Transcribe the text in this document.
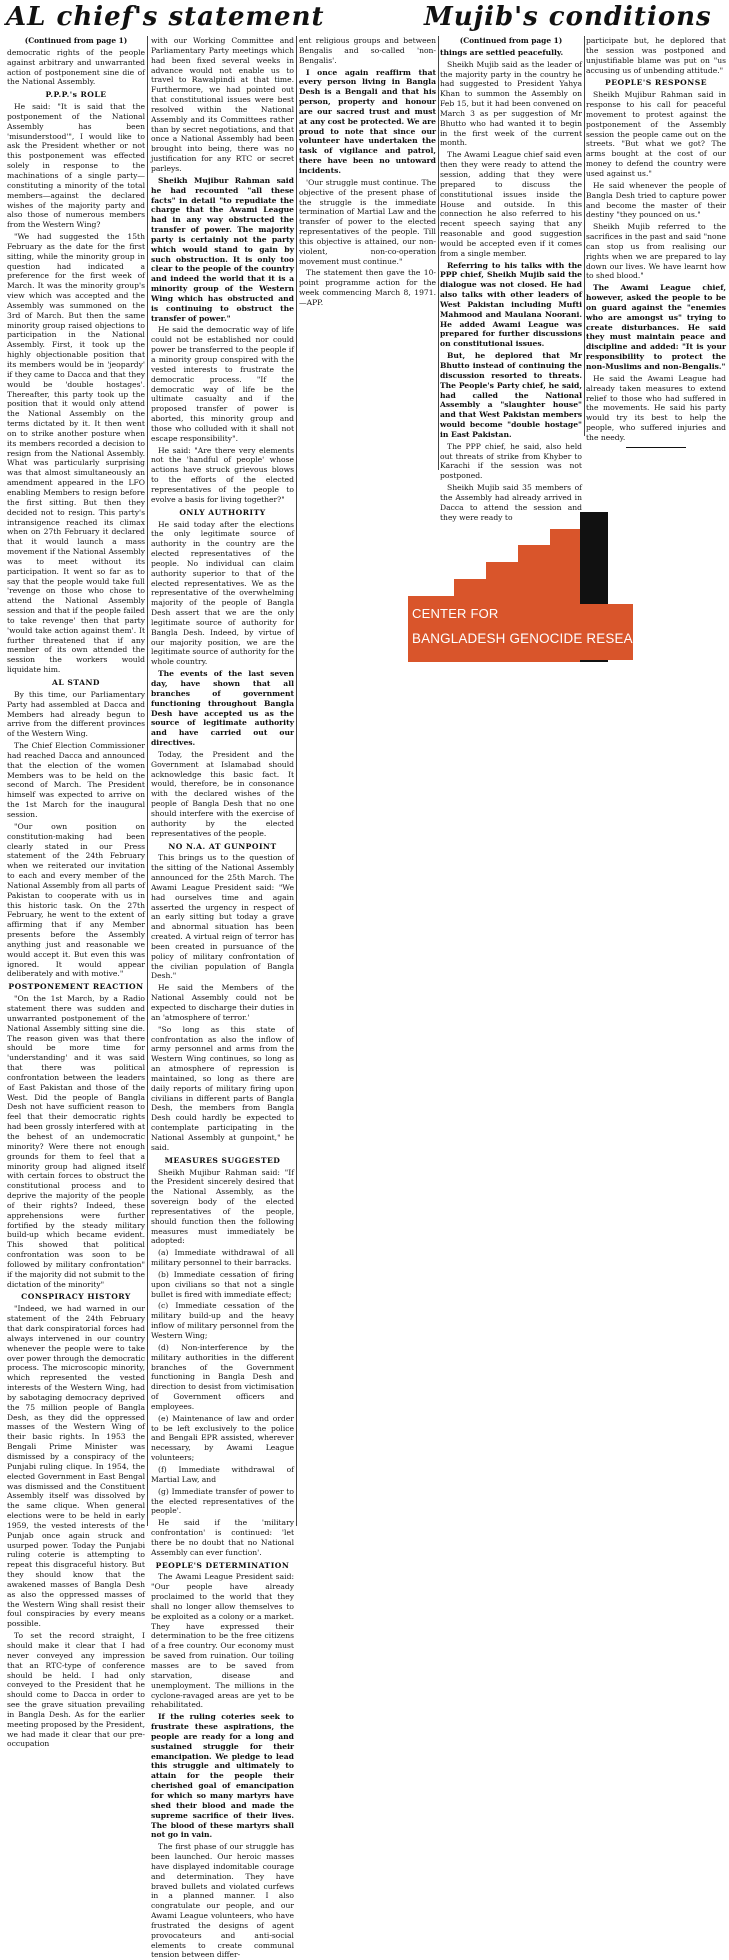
AL chief's statement	Mujib's conditions
(Continued from page 1)

democratic rights of the people against arbitrary and unwarranted action of postponement sine die of the National Assembly.

P.P.P.'s ROLE

He said: "It is said that the postponement of the National Assembly has been 'misunderstood'", I would like to ask the President whether or not this postponement was effected solely in response to the machinations of a single party—constituting a minority of the total members—against the declared wishes of the majority party and also those of numerous members from the Western Wing?

"We had suggested the 15th February as the date for the first sitting, while the minority group in question had indicated a preference for the first week of March. It was the minority group's view which was accepted and the Assembly was summoned on the 3rd of March. But then the same minority group raised objections to participation in the National Assembly. First, it took up the highly objectionable position that its members would be in 'jeopardy' if they came to Dacca and that they would be 'double hostages'. Thereafter, this party took up the position that it would only attend the National Assembly on the terms dictated by it. It then went on to strike another posture when its members recorded a decision to resign from the National Assembly. What was particularly surprising was that almost simultaneously an amendment appeared in the LFO enabling Members to resign before the first sitting. But then they decided not to resign. This party's intransigence reached its climax when on 27th February it declared that it would launch a mass movement if the National Assembly was to meet without its participation. It went so far as to say that the people would take full 'revenge on those who chose to attend the National Assembly session and that if the people failed to take revenge' then that party 'would take action against them'. It further threatened that if any member of its own attended the session the workers would liquidate him.

AL STAND

By this time, our Parliamentary Party had assembled at Dacca and Members had already begun to arrive from the different provinces of the Western Wing.

The Chief Election Commissioner had reached Dacca and announced that the election of the women Members was to be held on the second of March. The President himself was expected to arrive on the 1st March for the inaugural session.

"Our own position on constitution-making had been clearly stated in our Press statement of the 24th February when we reiterated our invitation to each and every member of the National Assembly from all parts of Pakistan to cooperate with us in this historic task. On the 27th February, he went to the extent of affirming that if any Member presents before the Assembly anything just and reasonable we would accept it. But even this was ignored. It would appear deliberately and with motive."

POSTPONEMENT REACTION

"On the 1st March, by a Radio statement there was sudden and unwarranted postponement of the National Assembly sitting sine die. The reason given was that there should be more time for 'understanding' and it was said that there was political confrontation between the leaders of East Pakistan and those of the West. Did the people of Bangla Desh not have sufficient reason to feel that their democratic rights had been grossly interfered with at the behest of an undemocratic minority? Were there not enough grounds for them to feel that a minority group had aligned itself with certain forces to obstruct the constitutional process and to deprive the majority of the people of their rights? Indeed, these apprehensions were further fortified by the steady military build-up which became evident. This showed that political confrontation was soon to be followed by military confrontation" if the majority did not submit to the dictation of the minority"

CONSPIRACY HISTORY

"Indeed, we had warned in our statement of the 24th February that dark conspiratorial forces had always intervened in our country whenever the people were to take over power through the democratic process. The microscopic minority, which represented the vested interests of the Western Wing, had by sabotaging democracy deprived the 75 million people of Bangla Desh, as they did the oppressed masses of the Western Wing of their basic rights. In 1953 the Bengali Prime Minister was dismissed by a conspiracy of the Punjabi ruling clique. In 1954, the elected Government in East Bengal was dismissed and the Constituent Assembly itself was dissolved by the same clique. When general elections were to be held in early 1959, the vested interests of the Punjab once again struck and usurped power. Today the Punjabi ruling coterie is attempting to repeat this disgraceful history. But they should know that the awakened masses of Bangla Desh as also the oppressed masses of the Western Wing shall resist their foul conspiracies by every means possible.

To set the record straight, I should make it clear that I had never conveyed any impression that an RTC-type of conference should be held. I had only conveyed to the President that he should come to Dacca in order to see the grave situation prevailing in Bangla Desh. As for the earlier meeting proposed by the President, we had made it clear that our pre-occupation

with our Working Committee and Parliamentary Party meetings which had been fixed several weeks in advance would not enable us to travel to Rawalpindi at that time. Furthermore, we had pointed out that constitutional issues were best resolved within the National Assembly and its Committees rather than by secret negotiations, and that once a National Assembly had been brought into being, there was no justification for any RTC or secret parleys.

Sheikh Mujibur Rahman said he had recounted "all these facts" in detail "to repudiate the charge that the Awami League had in any way obstructed the transfer of power. The majority party is certainly not the party which would stand to gain by such obstruction. It is only too clear to the people of the country and indeed the world that it is a minority group of the Western Wing which has obstructed and is continuing to obstruct the transfer of power."

He said the democratic way of life could not be established nor could power be transferred to the people if a minority group conspired with the vested interests to frustrate the democratic process. "If the democratic way of life be the ultimate casualty and if the proposed transfer of power is aborted, this minority group and those who colluded with it shall not escape responsibility".

He said: "Are there very elements not the 'handful of people' whose actions have struck grievous blows to the efforts of the elected representatives of the people to evolve a basis for living together?"

ONLY AUTHORITY

He said today after the elections the only legitimate source of authority in the country are the elected representatives of the people. No individual can claim authority superior to that of the elected representatives. We as the representative of the overwhelming majority of the people of Bangla Desh assert that we are the only legitimate source of authority for Bangla Desh. Indeed, by virtue of our majority position, we are the legitimate source of authority for the whole country.

The events of the last seven day, have shown that all branches of government functioning throughout Bangla Desh have accepted us as the source of legitimate authority and have carried out our directives.

Today, the President and the Government at Islamabad should acknowledge this basic fact. It would, therefore, be in consonance with the declared wishes of the people of Bangla Desh that no one should interfere with the exercise of authority by the elected representatives of the people.

NO N.A. AT GUNPOINT

This brings us to the question of the sitting of the National Assembly announced for the 25th March. The Awami League President said: "We had ourselves time and again asserted the urgency in respect of an early sitting but today a grave and abnormal situation has been created. A virtual reign of terror has been created in pursuance of the policy of military confrontation of the civilian population of Bangla Desh."

He said the Members of the National Assembly could not be expected to discharge their duties in an 'atmosphere of terror.'

"So long as this state of confrontation as also the inflow of army personnel and arms from the Western Wing continues, so long as an atmosphere of repression is maintained, so long as there are daily reports of military firing upon civilians in different parts of Bangla Desh, the members from Bangla Desh could hardly be expected to contemplate participating in the National Assembly at gunpoint," he said.

MEASURES SUGGESTED

Sheikh Mujibur Rahman said: "If the President sincerely desired that the National Assembly, as the sovereign body of the elected representatives of the people, should function then the following measures must immediately be adopted:

(a) Immediate withdrawal of all military personnel to their barracks.

(b) Immediate cessation of firing upon civilians so that not a single bullet is fired with immediate effect;

(c) Immediate cessation of the military build-up and the heavy inflow of military personnel from the Western Wing;

(d) Non-interference by the military authorities in the different branches of the Government functioning in Bangla Desh and direction to desist from victimisation of Government officers and employees.

(e) Maintenance of law and order to be left exclusively to the police and Bengali EPR assisted, wherever necessary, by Awami League volunteers;

(f) Immediate withdrawal of Martial Law, and

(g) Immediate transfer of power to the elected representatives of the people'.

He said if the 'military confrontation' is continued: 'let there be no doubt that no National Assembly can ever function'.

PEOPLE'S DETERMINATION

The Awami League President said: "Our people have already proclaimed to the world that they shall no longer allow themselves to be exploited as a colony or a market. They have expressed their determination to be the free citizens of a free country. Our economy must be saved from ruination. Our toiling masses are to be saved from starvation, disease and unemployment. The millions in the cyclone-ravaged areas are yet to be rehabilitated.

If the ruling coteries seek to frustrate these aspirations, the people are ready for a long and sustained struggle for their emancipation. We pledge to lead this struggle and ultimately to attain for the people their cherished goal of emancipation for which so many martyrs have shed their blood and made the supreme sacrifice of their lives. The blood of these martyrs shall not go in vain.

The first phase of our struggle has been launched. Our heroic masses have displayed indomitable courage and determination. They have braved bullets and violated curfews in a planned manner. I also congratulate our people, and our Awami League volunteers, who have frustrated the designs of agent provocateurs and anti-social elements to create communal tension between differ-

ent religious groups and between Bengalis and so-called 'non-Bengalis'.

I once again reaffirm that every person living in Bangla Desh is a Bengali and that his person, property and honour are our sacred trust and must at any cost be protected. We are proud to note that since our volunteer have undertaken the task of vigilance and patrol, there have been no untoward incidents.

'Our struggle must continue. The objective of the present phase of the struggle is the immediate termination of Martial Law and the transfer of power to the elected representatives of the people. Till this objective is attained, our non-violent, non-co-operation movement must continue."

The statement then gave the 10-point programme action for the week commencing March 8, 1971.—APP.

(Continued from page 1)

things are settled peacefully.

Sheikh Mujib said as the leader of the majority party in the country he had suggested to President Yahya Khan to summon the Assembly on Feb 15, but it had been convened on March 3 as per suggestion of Mr Bhutto who had wanted it to begin in the first week of the current month.

The Awami League chief said even then they were ready to attend the session, adding that they were prepared to discuss the constitutional issues inside the House and outside. In this connection he also referred to his recent speech saying that any reasonable and good suggestion would be accepted even if it comes from a single member.

Referring to his talks with the PPP chief, Sheikh Mujib said the dialogue was not closed. He had also talks with other leaders of West Pakistan including Mufti Mahmood and Maulana Noorani. He added Awami League was prepared for further discussions on constitutional issues.

But, he deplored that Mr Bhutto instead of continuing the discussion resorted to threats. The People's Party chief, he said, had called the National Assembly a "slaughter house" and that West Pakistan members would become "double hostage" in East Pakistan.

The PPP chief, he said, also held out threats of strike from Khyber to Karachi if the session was not postponed.

Sheikh Mujib said 35 members of the Assembly had already arrived in Dacca to attend the session and they were ready to

participate but, he deplored that the session was postponed and unjustifiable blame was put on "us accusing us of unbending attitude."

PEOPLE'S RESPONSE

Sheikh Mujibur Rahman said in response to his call for peaceful movement to protest against the postponement of the Assembly session the people came out on the streets. "But what we got? The arms bought at the cost of our money to defend the country were used against us."

He said whenever the people of Bangla Desh tried to capture power and become the master of their destiny "they pounced on us."

Sheikh Mujib referred to the sacrifices in the past and said "none can stop us from realising our rights when we are prepared to lay down our lives. We have learnt how to shed blood."

The Awami League chief, however, asked the people to be on guard against the "enemies who are amongst us" trying to create disturbances. He said they must maintain peace and discipline and added: "It is your responsibility to protect the non-Muslims and non-Bengalis."

He said the Awami League had already taken measures to extend relief to those who had suffered in the movements. He said his party would try its best to help the people, who suffered injuries and the needy.

CENTER FOR
BANGLADESH GENOCIDE RESEARCH
